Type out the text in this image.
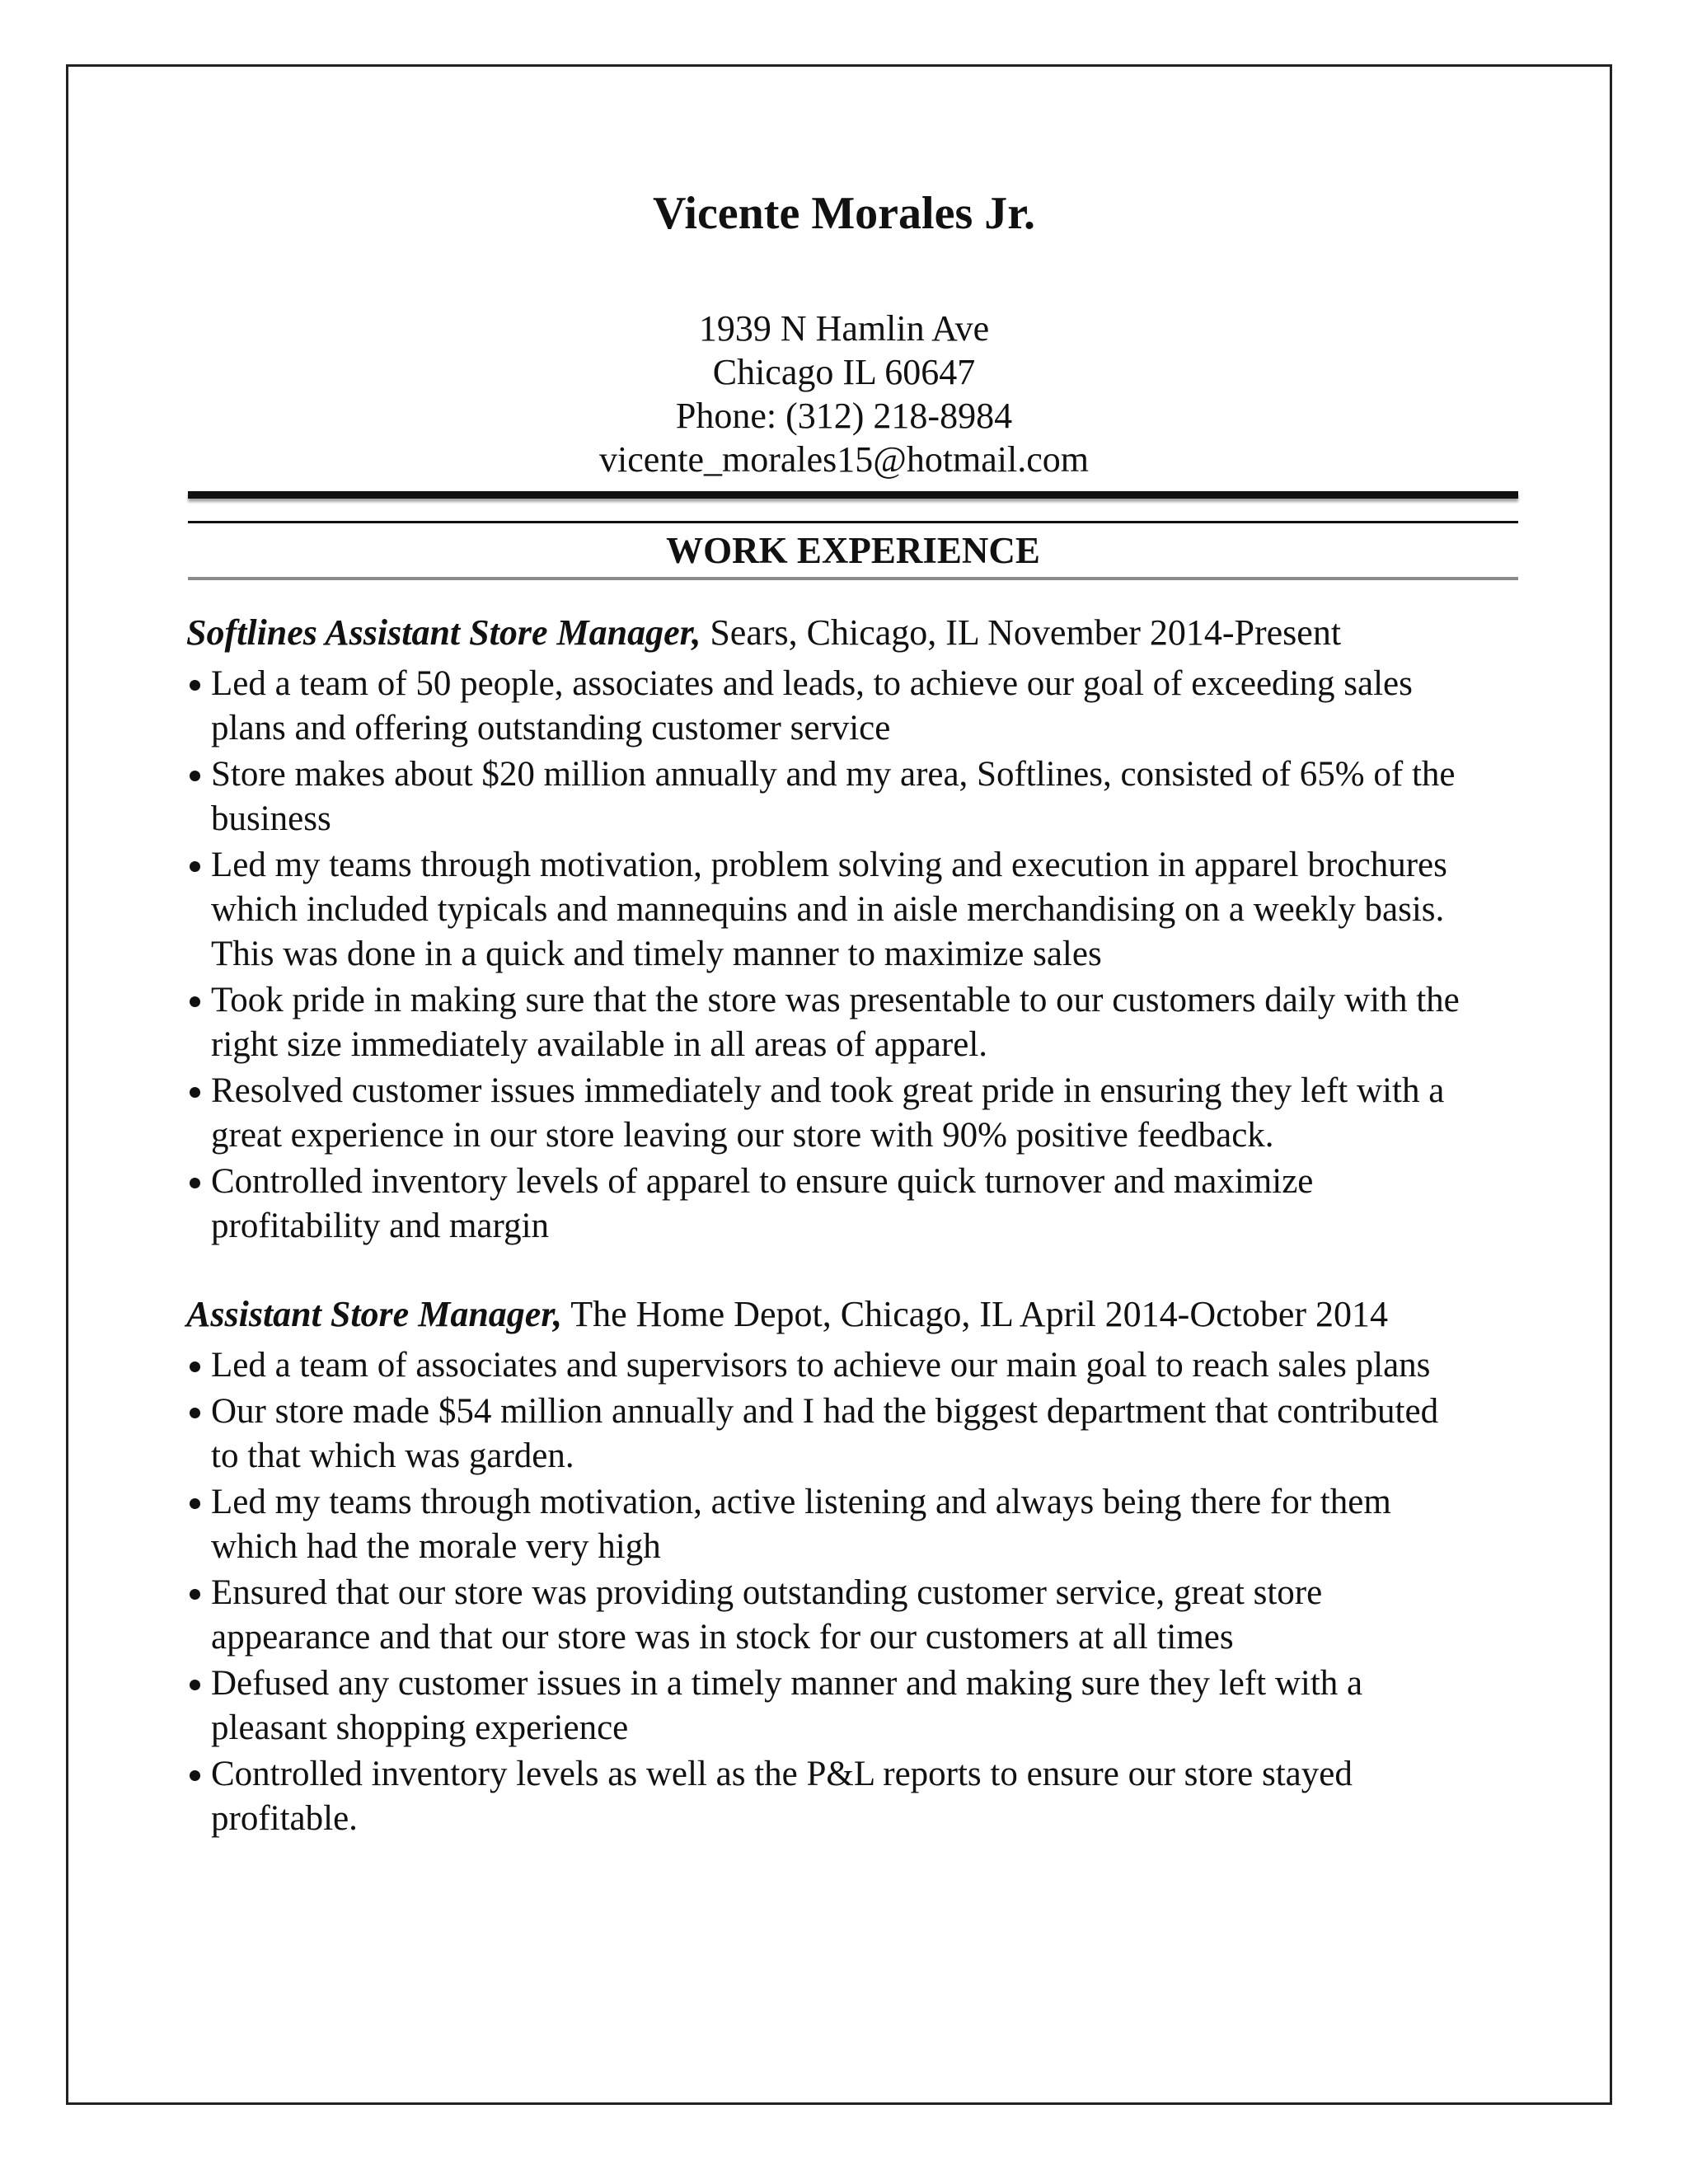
Vicente Morales Jr.
1939 N Hamlin Ave
Chicago IL 60647
Phone: (312) 218-8984
vicente_morales15@hotmail.com
WORK EXPERIENCE
Softlines Assistant Store Manager, Sears, Chicago, IL November 2014-Present
Led a team of 50 people, associates and leads, to achieve our goal of exceeding sales
plans and offering outstanding customer service
Store makes about $20 million annually and my area, Softlines, consisted of 65% of the
business
Led my teams through motivation, problem solving and execution in apparel brochures
which included typicals and mannequins and in aisle merchandising on a weekly basis.
This was done in a quick and timely manner to maximize sales
Took pride in making sure that the store was presentable to our customers daily with the
right size immediately available in all areas of apparel.
Resolved customer issues immediately and took great pride in ensuring they left with a
great experience in our store leaving our store with 90% positive feedback.
Controlled inventory levels of apparel to ensure quick turnover and maximize
profitability and margin
Assistant Store Manager, The Home Depot, Chicago, IL April 2014-October 2014
Led a team of associates and supervisors to achieve our main goal to reach sales plans
Our store made $54 million annually and I had the biggest department that contributed
to that which was garden.
Led my teams through motivation, active listening and always being there for them
which had the morale very high
Ensured that our store was providing outstanding customer service, great store
appearance and that our store was in stock for our customers at all times
Defused any customer issues in a timely manner and making sure they left with a
pleasant shopping experience
Controlled inventory levels as well as the P&L reports to ensure our store stayed
profitable.
